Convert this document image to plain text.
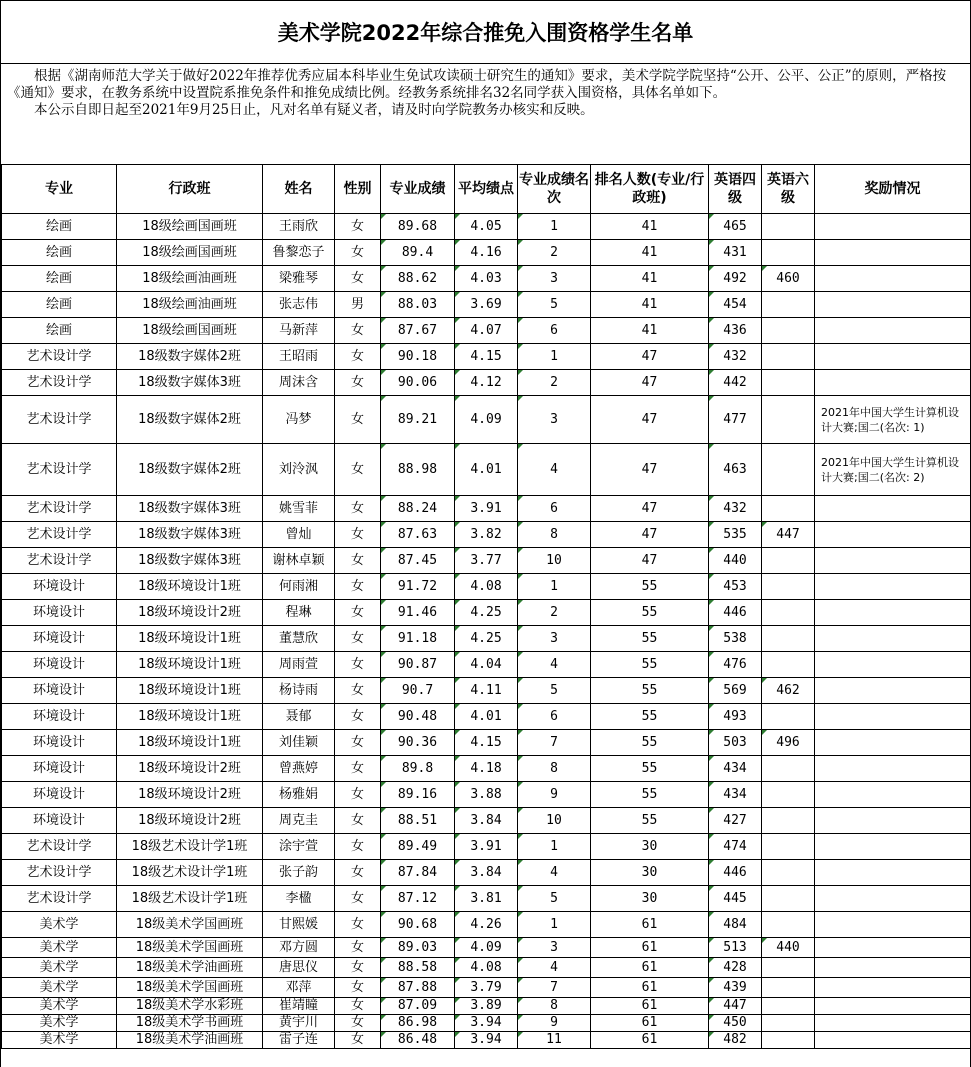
美术学院2022年综合推免入围资格学生名单

根据《湖南师范大学关于做好2022年推荐优秀应届本科毕业生免试攻读硕士研究生的通知》要求，美术学院学院坚持“公开、公平、公正”的原则，严格按《通知》要求，在教务系统中设置院系推免条件和推免成绩比例。经教务系统排名32名同学获入围资格，具体名单如下。

本公示自即日起至2021年9月25日止，凡对名单有疑义者，请及时向学院教务办核实和反映。

专业	行政班	姓名	性别	专业成绩	平均绩点	专业成绩名次	排名人数(专业/行政班)	英语四级	英语六级	奖励情况
绘画	18级绘画国画班	王雨欣	女	89.68	4.05	1	41	465		
绘画	18级绘画国画班	鲁黎恋子	女	89.4	4.16	2	41	431		
绘画	18级绘画油画班	梁雅琴	女	88.62	4.03	3	41	492	460	
绘画	18级绘画油画班	张志伟	男	88.03	3.69	5	41	454		
绘画	18级绘画国画班	马新萍	女	87.67	4.07	6	41	436		
艺术设计学	18级数字媒体2班	王昭雨	女	90.18	4.15	1	47	432		
艺术设计学	18级数字媒体3班	周沫含	女	90.06	4.12	2	47	442		
艺术设计学	18级数字媒体2班	冯梦	女	89.21	4.09	3	47	477		2021年中国大学生计算机设计大赛;国二(名次: 1)
艺术设计学	18级数字媒体2班	刘泠沨	女	88.98	4.01	4	47	463		2021年中国大学生计算机设计大赛;国二(名次: 2)
艺术设计学	18级数字媒体3班	姚雪菲	女	88.24	3.91	6	47	432		
艺术设计学	18级数字媒体3班	曾灿	女	87.63	3.82	8	47	535	447	
艺术设计学	18级数字媒体3班	谢林卓颖	女	87.45	3.77	10	47	440		
环境设计	18级环境设计1班	何雨湘	女	91.72	4.08	1	55	453		
环境设计	18级环境设计2班	程琳	女	91.46	4.25	2	55	446		
环境设计	18级环境设计1班	董慧欣	女	91.18	4.25	3	55	538		
环境设计	18级环境设计1班	周雨萱	女	90.87	4.04	4	55	476		
环境设计	18级环境设计1班	杨诗雨	女	90.7	4.11	5	55	569	462	
环境设计	18级环境设计1班	聂郁	女	90.48	4.01	6	55	493		
环境设计	18级环境设计1班	刘佳颖	女	90.36	4.15	7	55	503	496	
环境设计	18级环境设计2班	曾燕婷	女	89.8	4.18	8	55	434		
环境设计	18级环境设计2班	杨雅娟	女	89.16	3.88	9	55	434		
环境设计	18级环境设计2班	周克圭	女	88.51	3.84	10	55	427		
艺术设计学	18级艺术设计学1班	涂宇萱	女	89.49	3.91	1	30	474		
艺术设计学	18级艺术设计学1班	张子韵	女	87.84	3.84	4	30	446		
艺术设计学	18级艺术设计学1班	李楹	女	87.12	3.81	5	30	445		
美术学	18级美术学国画班	甘熙媛	女	90.68	4.26	1	61	484		
美术学	18级美术学国画班	邓方圆	女	89.03	4.09	3	61	513	440	
美术学	18级美术学油画班	唐思仪	女	88.58	4.08	4	61	428		
美术学	18级美术学国画班	邓萍	女	87.88	3.79	7	61	439		
美术学	18级美术学水彩班	崔靖瞳	女	87.09	3.89	8	61	447		
美术学	18级美术学书画班	黄宇川	女	86.98	3.94	9	61	450		
美术学	18级美术学油画班	雷子连	女	86.48	3.94	11	61	482		
